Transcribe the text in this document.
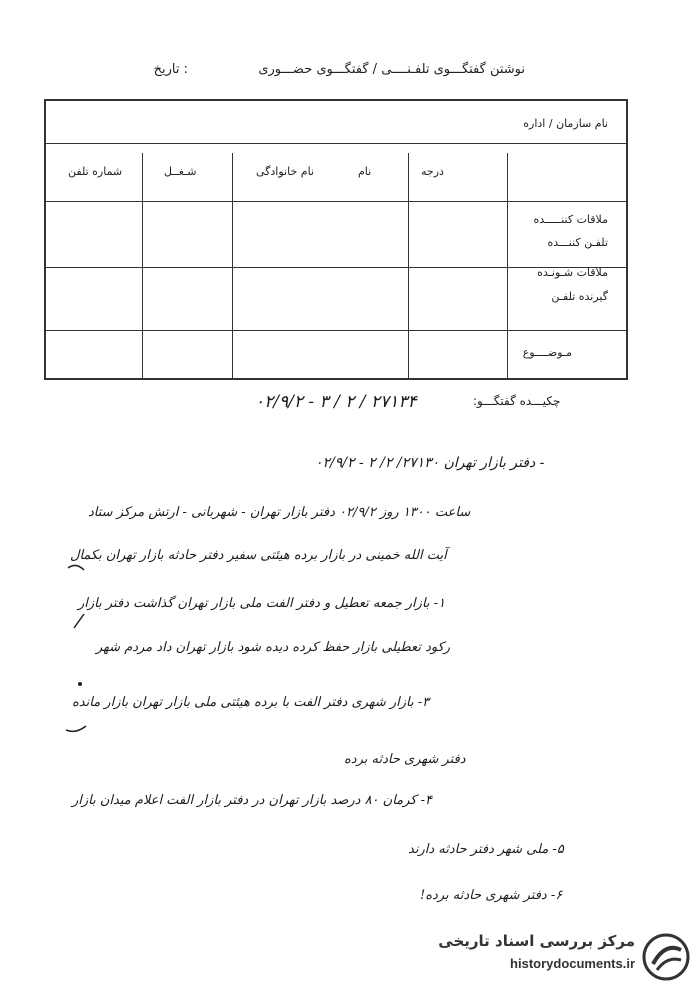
نوشتن گفتگـــوی تلفـنــــی / گفتگـــوی حضـــوری
: تاریخ
نام سازمان / اداره
درجه
نام
نام خانوادگی
شـغــل
شماره تلفن
ملاقات کننـــــده
تلفـن کننـــده
ملاقات شـونـده
گیرنده تلفـن
مـوضــــوع
چکیـــده گفتگـــو:
۲۷۱۳۴ / ۲ / ۳ - ۰۲/۹/۲
- دفتر بازار تهران ۲۷۱۳۰/ ۲/ ۲ - ۰۲/۹/۲
ساعت ۱۳۰۰ روز ۰۲/۹/۲ دفتر بازار تهران - شهربانی - ارتش مرکز ستاد
آیت الله خمینی در بازار برده هیئتی سفیر دفتر حادثه بازار تهران بکمال
۱- بازار جمعه تعطیل و دفتر الفت ملی بازار تهران گذاشت دفتر بازار
رکود تعطیلی بازار حفظ کرده دیده شود بازار تهران داد مردم شهر
۳- بازار شهری دفتر الفت با برده هیئتی ملی بازار تهران بازار مانده
دفتر شهری حادثه برده
۴- کرمان ۸۰ درصد بازار تهران در دفتر بازار الفت اعلام میدان بازار
۵- ملی شهر دفتر حادثه دارند
۶- دفتر شهری حادثه برده!
مرکز بررسی اسناد تاریخی
historydocuments.ir
